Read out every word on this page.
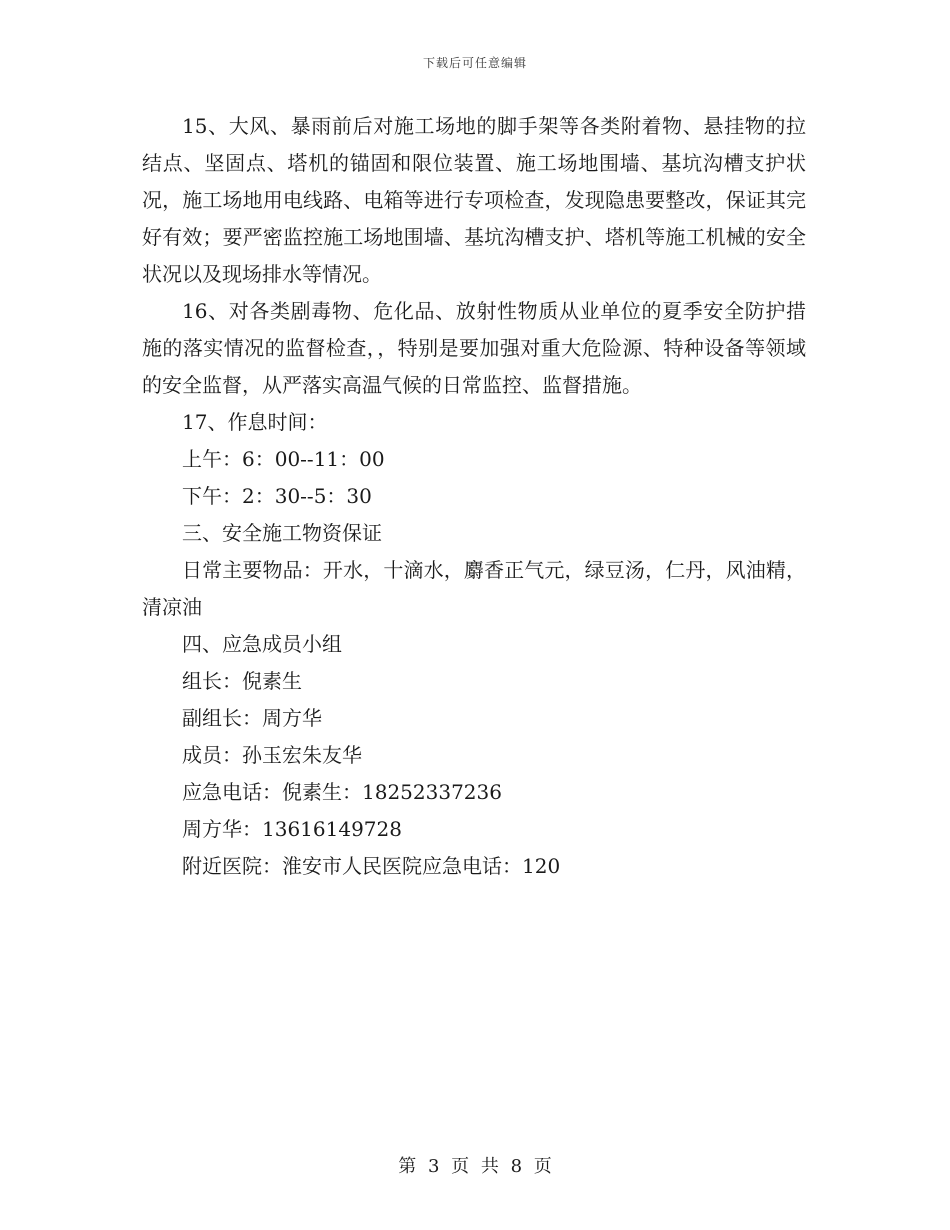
下载后可任意编辑

15、大风、暴雨前后对施工场地的脚手架等各类附着物、悬挂物的拉结点、坚固点、塔机的锚固和限位装置、施工场地围墙、基坑沟槽支护状况，施工场地用电线路、电箱等进行专项检查，发现隐患要整改，保证其完好有效；要严密监控施工场地围墙、基坑沟槽支护、塔机等施工机械的安全状况以及现场排水等情况。

16、对各类剧毒物、危化品、放射性物质从业单位的夏季安全防护措施的落实情况的监督检查，，特别是要加强对重大危险源、特种设备等领域的安全监督，从严落实高温气候的日常监控、监督措施。

17、作息时间：

上午：6：00--11：00

下午：2：30--5：30

三、安全施工物资保证

日常主要物品：开水，十滴水，麝香正气元，绿豆汤，仁丹，风油精，清凉油

四、应急成员小组

组长：倪素生

副组长：周方华

成员：孙玉宏朱友华

应急电话：倪素生：18252337236

周方华：13616149728

附近医院：淮安市人民医院应急电话：120

第 3 页 共 8 页
